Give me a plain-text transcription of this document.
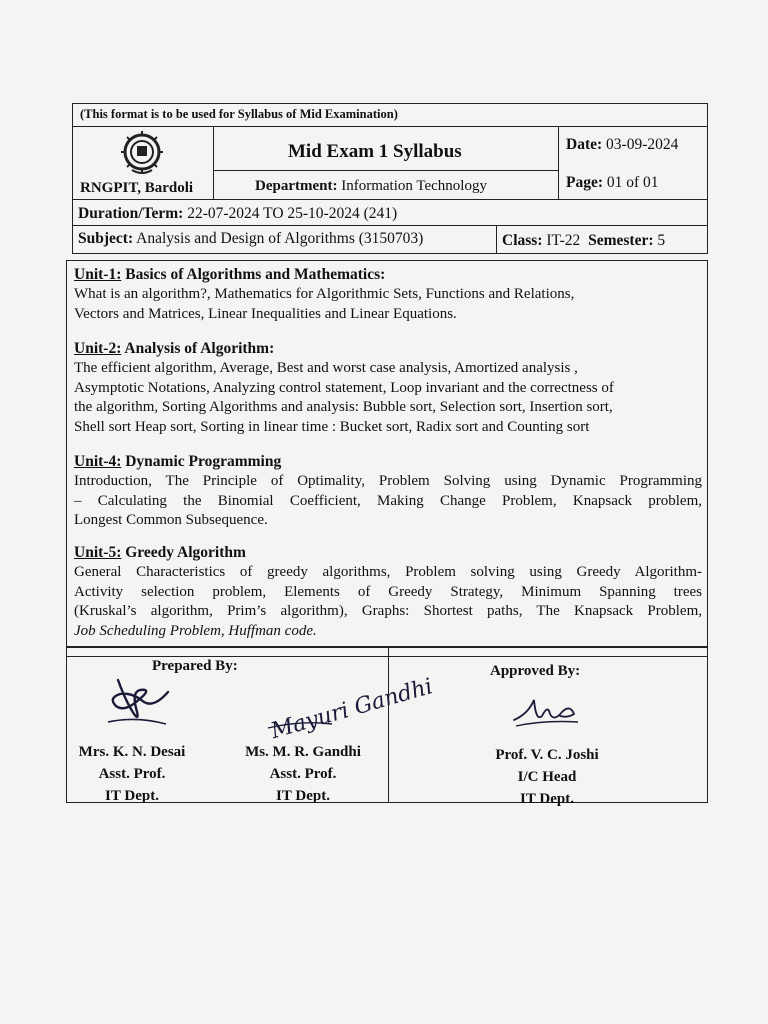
(This format is to be used for Syllabus of Mid Examination)
RNGPIT, Bardoli
Mid Exam 1 Syllabus
Department: Information Technology
Date: 03-09-2024
Page: 01 of 01
Duration/Term: 22-07-2024 TO 25-10-2024 (241)
Subject: Analysis and Design of Algorithms (3150703)	Class: IT-22 Semester: 5
Unit-1: Basics of Algorithms and Mathematics:
What is an algorithm?, Mathematics for Algorithmic Sets, Functions and Relations,
Vectors and Matrices, Linear Inequalities and Linear Equations.
Unit-2: Analysis of Algorithm:
The efficient algorithm, Average, Best and worst case analysis, Amortized analysis ,
Asymptotic Notations, Analyzing control statement, Loop invariant and the correctness of
the algorithm, Sorting Algorithms and analysis: Bubble sort, Selection sort, Insertion sort,
Shell sort Heap sort, Sorting in linear time : Bucket sort, Radix sort and Counting sort
Unit-4: Dynamic Programming
Introduction, The Principle of Optimality, Problem Solving using Dynamic Programming
– Calculating the Binomial Coefficient, Making Change Problem, Knapsack problem,
Longest Common Subsequence.
Unit-5: Greedy Algorithm
General Characteristics of greedy algorithms, Problem solving using Greedy Algorithm-
Activity selection problem, Elements of Greedy Strategy, Minimum Spanning trees
(Kruskal’s algorithm, Prim’s algorithm), Graphs: Shortest paths, The Knapsack Problem,
Job Scheduling Problem, Huffman code.
Prepared By:	Approved By:
Mayuri Gandhi
Mrs. K. N. Desai
Asst. Prof.
IT Dept.
Ms. M. R. Gandhi
Asst. Prof.
IT Dept.
Prof. V. C. Joshi
I/C Head
IT Dept.
